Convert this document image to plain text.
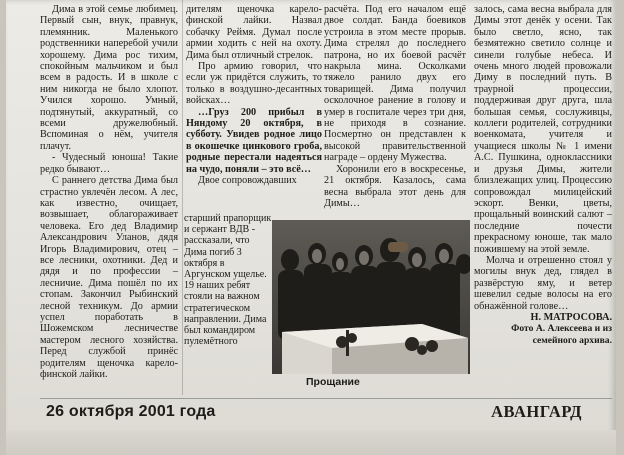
Дима в этой семье любимец. Первый сын, внук, правнук, племянник. Маленького родственники наперебой учили хорошему. Дима рос тихим, спокойным мальчиком и был всем в радость. И в школе с ним никогда не было хлопот. Учился хорошо. Умный, подтянутый, аккуратный, со всеми дружелюбный. Вспоминая о нём, учителя плачут.

- Чудесный юноша! Такие редко бывают…

С раннего детства Дима был страстно увлечён лесом. А лес, как известно, очищает, возвышает, облагораживает человека. Его дед Владимир Александрович Уланов, дядя Игорь Владимирович, отец – все лесники, охотники. Дед и дядя и по профессии – лесничие. Дима пошёл по их стопам. Закончил Рыбинский лесной техникум. До армии успел поработать в Шожемском лесничестве мастером лесного хозяйства. Перед службой принёс родителям щеночка карело-финской лайки.

дителям щеночка карело-финской лайки. Назвал собачку Реймя. Думал после армии ходить с ней на охоту. Дима был отличный стрелок.

Про армию говорил, что если уж придётся служить, то только в воздушно-десантных войсках…

…Груз 200 прибыл в Няндому 20 октября, в субботу. Увидев родное лицо в окошечке цинкового гроба, родные перестали надеяться на чудо, поняли – это всё…

Двое сопровождавших

старший прапорщик и сержант ВДВ - рассказали, что Дима погиб 3 октября в Аргунском ущелье. 19 наших ребят стояли на важном стратегическом направлении. Дима был командиром пулемётного

расчёта. Под его началом ещё двое солдат. Банда боевиков устроила в этом месте прорыв. Дима стрелял до последнего патрона, но их боевой расчёт накрыла мина. Осколками тяжело ранило двух его товарищей. Дима получил осколочное ранение в голову и умер в госпитале через три дня, не приходя в сознание. Посмертно он представлен к высокой правительственной награде – ордену Мужества.

Хоронили его в воскресенье, 21 октября. Казалось, сама весна выбрала этот день для Димы…

залось, сама весна выбрала для Димы этот денёк у осени. Так было светло, ясно, так безмятежно светило солнце и синели голубые небеса. И очень много людей провожали Диму в последний путь. В траурной процессии, поддерживая друг друга, шла большая семья, сослуживцы, коллеги родителей, сотрудники военкомата, учителя и учащиеся школы № 1 имени А.С. Пушкина, одноклассники и друзья Димы, жители близлежащих улиц. Процессию сопровождал милицейский эскорт. Венки, цветы, прощальный воинский салют – последние почести прекрасному юноше, так мало пожившему на этой земле.

Молча и отрешенно стоял у могилы внук дед, глядел в развёрстую яму, и ветер шевелил седые волосы на его обнажённой голове…

Н. МАТРОСОВА.

Фото А. Алексеева и из семейного архива.

Прощание
26 октября 2001 года	АВАНГАРД
